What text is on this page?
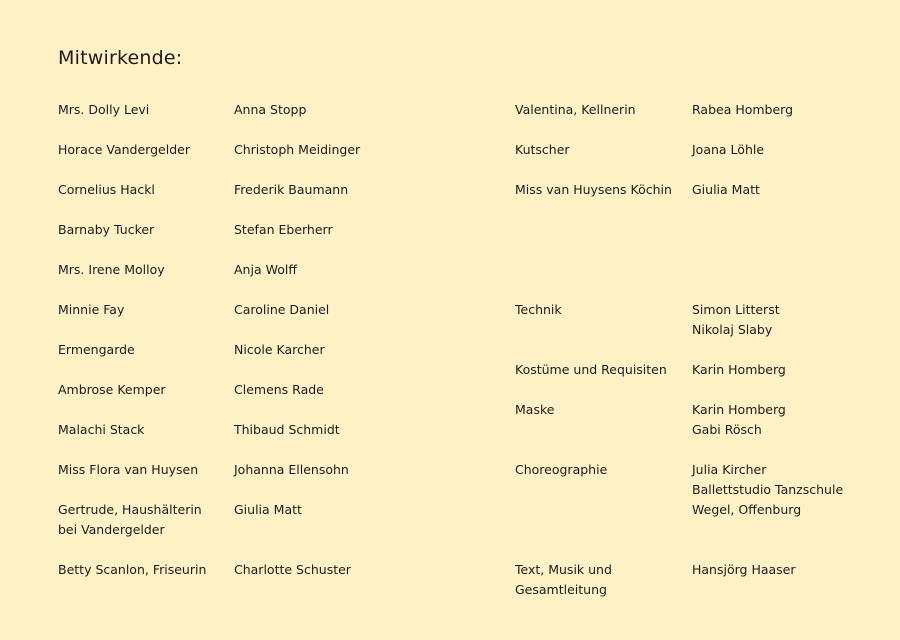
Mitwirkende:
Mrs. Dolly Levi
Horace Vandergelder
Cornelius Hackl
Barnaby Tucker
Mrs. Irene Molloy
Minnie Fay
Ermengarde
Ambrose Kemper
Malachi Stack
Miss Flora van Huysen
Gertrude, Haushälterin
bei Vandergelder
Betty Scanlon, Friseurin
Anna Stopp
Christoph Meidinger
Frederik Baumann
Stefan Eberherr
Anja Wolff
Caroline Daniel
Nicole Karcher
Clemens Rade
Thibaud Schmidt
Johanna Ellensohn
Giulia Matt
Charlotte Schuster
Valentina, Kellnerin
Kutscher
Miss van Huysens Köchin
Technik
Kostüme und Requisiten
Maske
Choreographie
Text, Musik und
Gesamtleitung
Rabea Homberg
Joana Löhle
Giulia Matt
Simon Litterst
Nikolaj Slaby
Karin Homberg
Karin Homberg
Gabi Rösch
Julia Kircher
Ballettstudio Tanzschule
Wegel, Offenburg
Hansjörg Haaser
